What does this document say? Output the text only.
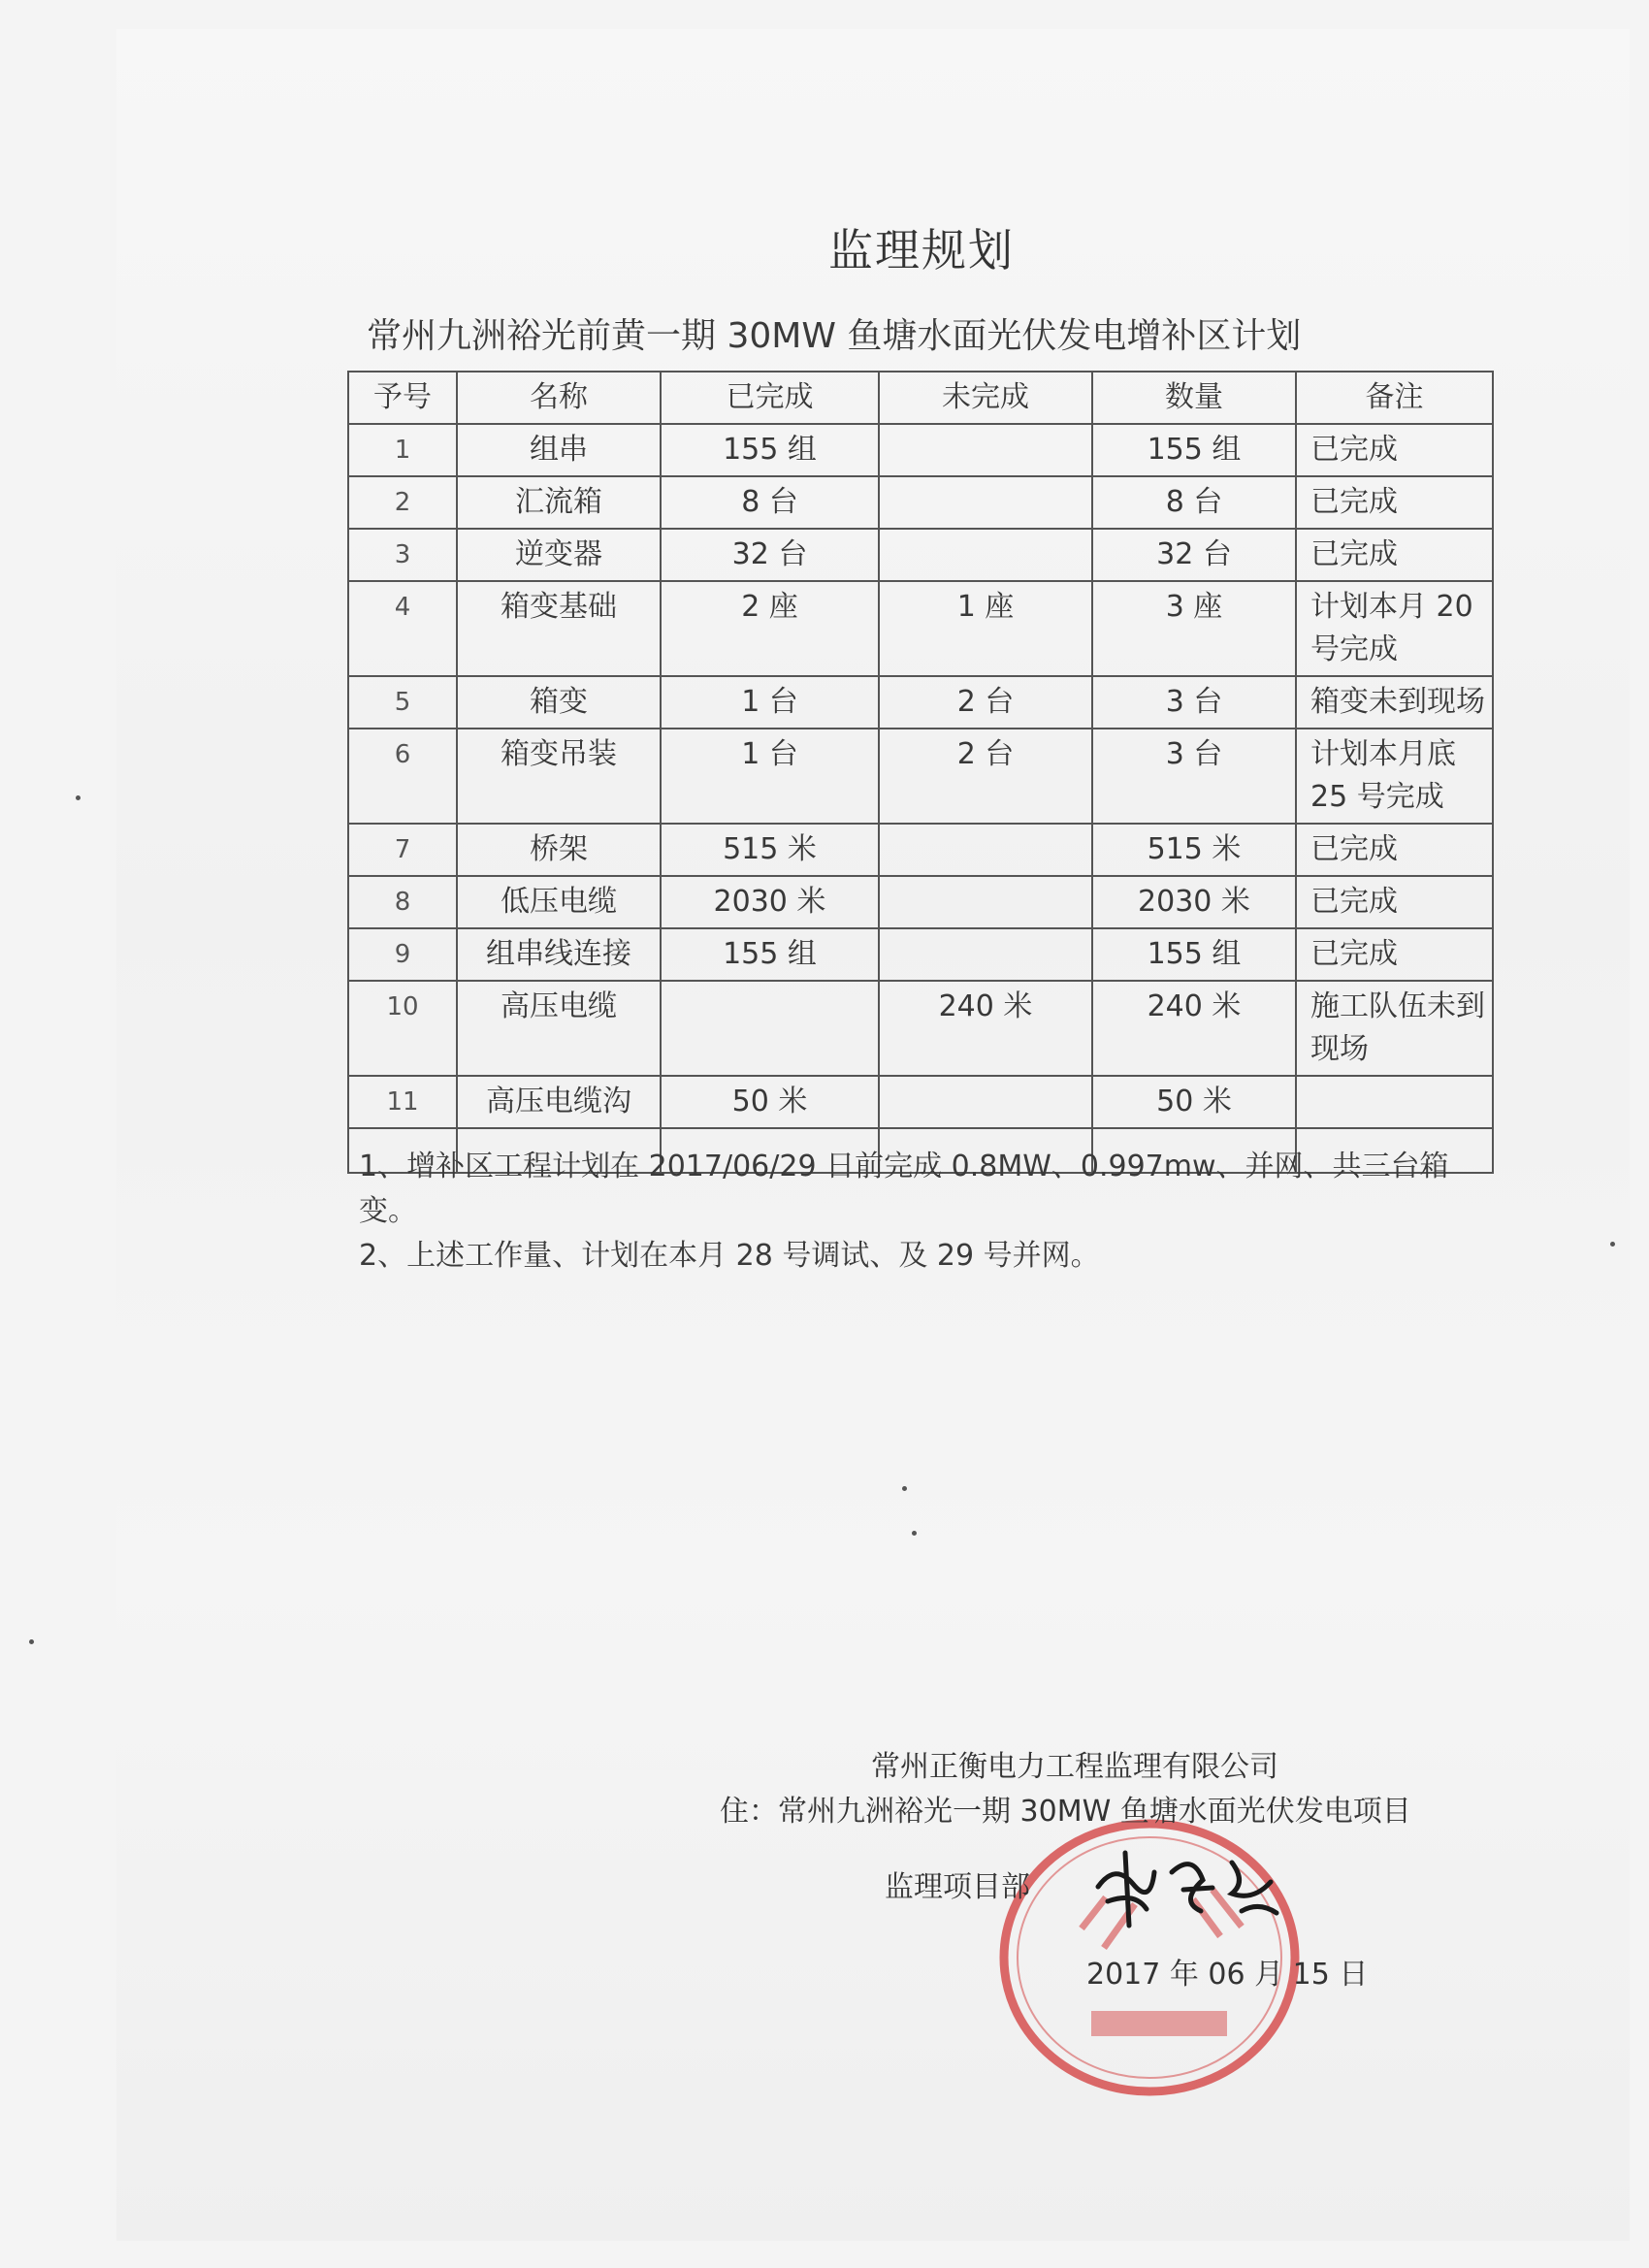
监理规划
常州九洲裕光前黄一期 30MW 鱼塘水面光伏发电增补区计划
予号	名称	已完成	未完成	数量	备注
1	组串	155 组		155 组	已完成
2	汇流箱	8 台		8 台	已完成
3	逆变器	32 台		32 台	已完成
4	箱变基础	2 座	1 座	3 座	计划本月 20 号完成
5	箱变	1 台	2 台	3 台	箱变未到现场
6	箱变吊装	1 台	2 台	3 台	计划本月底 25 号完成
7	桥架	515 米		515 米	已完成
8	低压电缆	2030 米		2030 米	已完成
9	组串线连接	155 组		155 组	已完成
10	高压电缆		240 米	240 米	施工队伍未到现场
11	高压电缆沟	50 米		50 米	

1、增补区工程计划在 2017/06/29 日前完成 0.8MW、0.997mw、并网、共三台箱变。

2、上述工作量、计划在本月 28 号调试、及 29 号并网。

常州正衡电力工程监理有限公司
住：常州九洲裕光一期 30MW 鱼塘水面光伏发电项目
监理项目部
2017 年 06 月 15 日
